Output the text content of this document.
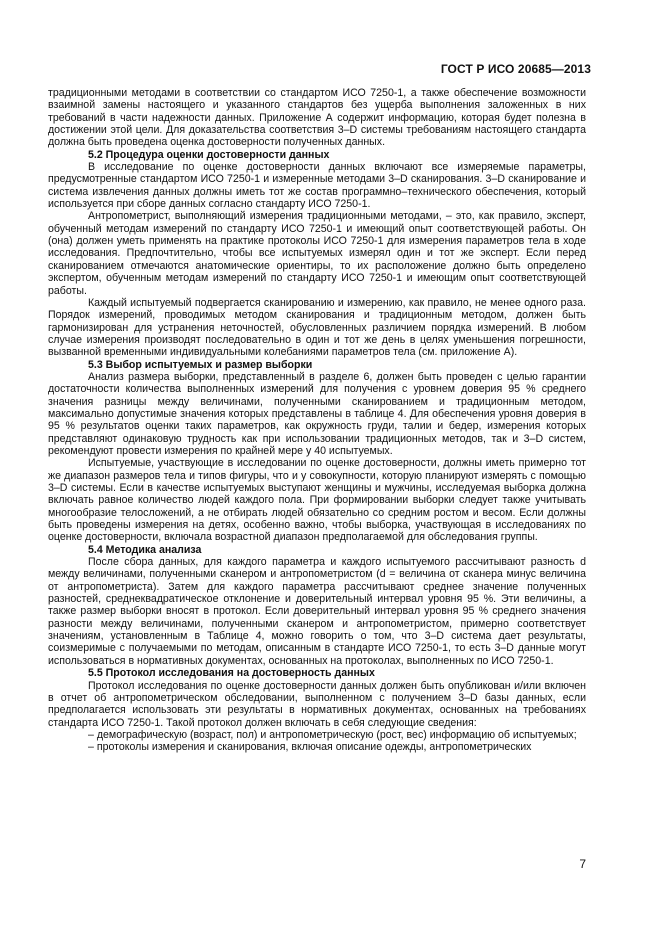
ГОСТ Р ИСО 20685—2013

традиционными методами в соответствии со стандартом ИСО 7250-1, а также обеспечение возможности взаимной замены настоящего и указанного стандартов без ущерба выполнения заложенных в них требований в части надежности данных. Приложение А содержит информацию, которая будет полезна в достижении этой цели. Для доказательства соответствия 3–D системы требованиям настоящего стандарта должна быть проведена оценка достоверности полученных данных.

5.2 Процедура оценки достоверности данных

В исследование по оценке достоверности данных включают все измеряемые параметры, предусмотренные стандартом ИСО 7250-1 и измеренные методами 3–D сканирования. 3–D сканирование и система извлечения данных должны иметь тот же состав программно–технического обеспечения, который используется при сборе данных согласно стандарту ИСО 7250-1.

Антропометрист, выполняющий измерения традиционными методами, – это, как правило, эксперт, обученный методам измерений по стандарту ИСО 7250-1 и имеющий опыт соответствующей работы. Он (она) должен уметь применять на практике протоколы ИСО 7250-1 для измерения параметров тела в ходе исследования. Предпочтительно, чтобы все испытуемых измерял один и тот же эксперт. Если перед сканированием отмечаются анатомические ориентиры, то их расположение должно быть определено экспертом, обученным методам измерений по стандарту ИСО 7250-1 и имеющим опыт соответствующей работы.

Каждый испытуемый подвергается сканированию и измерению, как правило, не менее одного раза. Порядок измерений, проводимых методом сканирования и традиционным методом, должен быть гармонизирован для устранения неточностей, обусловленных различием порядка измерений. В любом случае измерения производят последовательно в один и тот же день в целях уменьшения погрешности, вызванной временными индивидуальными колебаниями параметров тела (см. приложение А).

5.3 Выбор испытуемых и размер выборки

Анализ размера выборки, представленный в разделе 6, должен быть проведен с целью гарантии достаточности количества выполненных измерений для получения с уровнем доверия 95 % среднего значения разницы между величинами, полученными сканированием и традиционным методом, максимально допустимые значения которых представлены в таблице 4. Для обеспечения уровня доверия в 95 % результатов оценки таких параметров, как окружность груди, талии и бедер, измерения которых представляют одинаковую трудность как при использовании традиционных методов, так и 3–D систем, рекомендуют провести измерения по крайней мере у 40 испытуемых.

Испытуемые, участвующие в исследовании по оценке достоверности, должны иметь примерно тот же диапазон размеров тела и типов фигуры, что и у совокупности, которую планируют измерять с помощью 3–D системы. Если в качестве испытуемых выступают женщины и мужчины, исследуемая выборка должна включать равное количество людей каждого пола. При формировании выборки следует также учитывать многообразие телосложений, а не отбирать людей обязательно со средним ростом и весом. Если должны быть проведены измерения на детях, особенно важно, чтобы выборка, участвующая в исследованиях по оценке достоверности, включала возрастной диапазон предполагаемой для обследования группы.

5.4 Методика анализа

После сбора данных, для каждого параметра и каждого испытуемого рассчитывают разность d между величинами, полученными сканером и антропометристом (d = величина от сканера минус величина от антропометриста). Затем для каждого параметра рассчитывают среднее значение полученных разностей, среднеквадратическое отклонение и доверительный интервал уровня 95 %. Эти величины, а также размер выборки вносят в протокол. Если доверительный интервал уровня 95 % среднего значения разности между величинами, полученными сканером и антропометристом, примерно соответствует значениям, установленным в Таблице 4, можно говорить о том, что 3–D система дает результаты, соизмеримые с получаемыми по методам, описанным в стандарте ИСО 7250-1, то есть 3–D данные могут использоваться в нормативных документах, основанных на протоколах, выполненных по ИСО 7250-1.

5.5 Протокол исследования на достоверность данных

Протокол исследования по оценке достоверности данных должен быть опубликован и/или включен в отчет об антропометрическом обследовании, выполненном с получением 3–D базы данных, если предполагается использовать эти результаты в нормативных документах, основанных на требованиях стандарта ИСО 7250-1. Такой протокол должен включать в себя следующие сведения:

– демографическую (возраст, пол) и антропометрическую (рост, вес) информацию об испытуемых;

– протоколы измерения и сканирования, включая описание одежды, антропометрических

7
